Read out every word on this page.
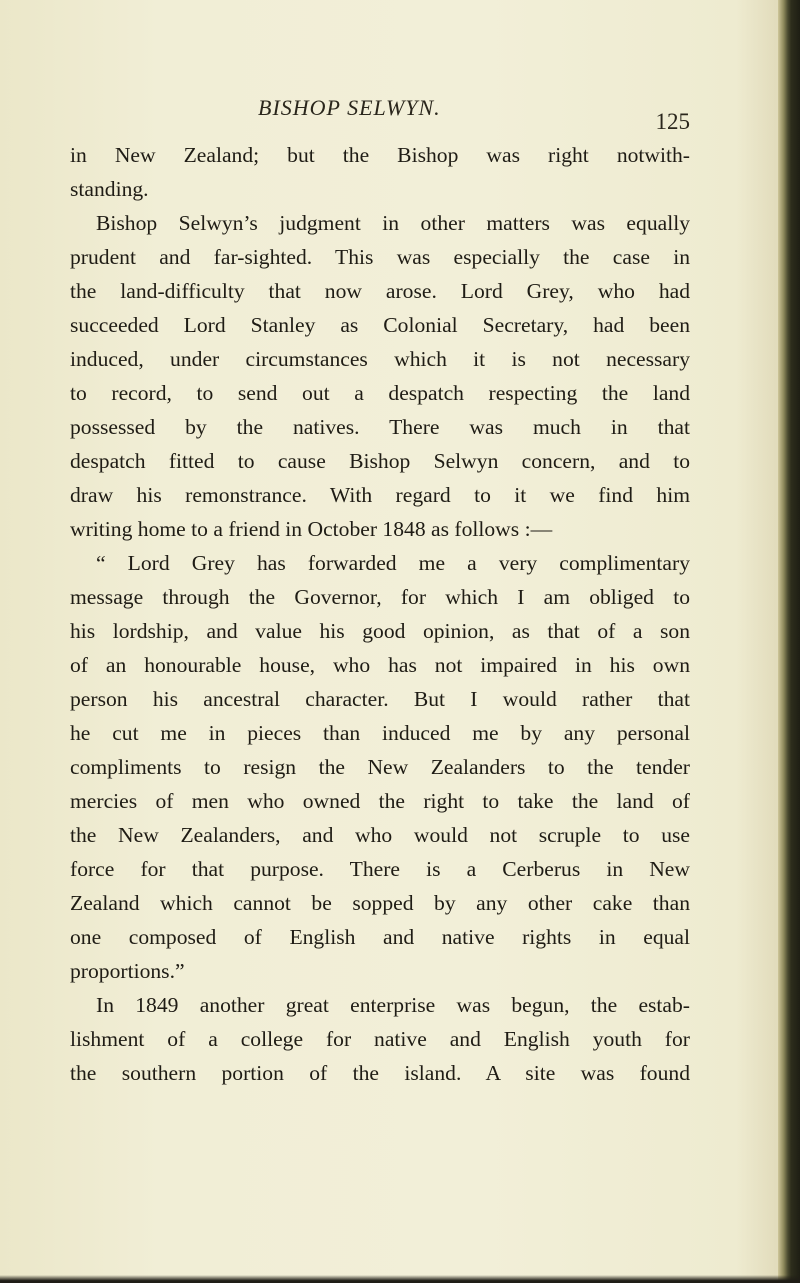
BISHOP SELWYN.
125
in New Zealand; but the Bishop was right notwith-
standing.
Bishop Selwyn’s judgment in other matters was equally
prudent and far-sighted. This was especially the case in
the land-difficulty that now arose. Lord Grey, who had
succeeded Lord Stanley as Colonial Secretary, had been
induced, under circumstances which it is not necessary
to record, to send out a despatch respecting the land
possessed by the natives. There was much in that
despatch fitted to cause Bishop Selwyn concern, and to
draw his remonstrance. With regard to it we find him
writing home to a friend in October 1848 as follows :—
“ Lord Grey has forwarded me a very complimentary
message through the Governor, for which I am obliged to
his lordship, and value his good opinion, as that of a son
of an honourable house, who has not impaired in his own
person his ancestral character. But I would rather that
he cut me in pieces than induced me by any personal
compliments to resign the New Zealanders to the tender
mercies of men who owned the right to take the land of
the New Zealanders, and who would not scruple to use
force for that purpose. There is a Cerberus in New
Zealand which cannot be sopped by any other cake than
one composed of English and native rights in equal
proportions.”
In 1849 another great enterprise was begun, the estab-
lishment of a college for native and English youth for
the southern portion of the island. A site was found
